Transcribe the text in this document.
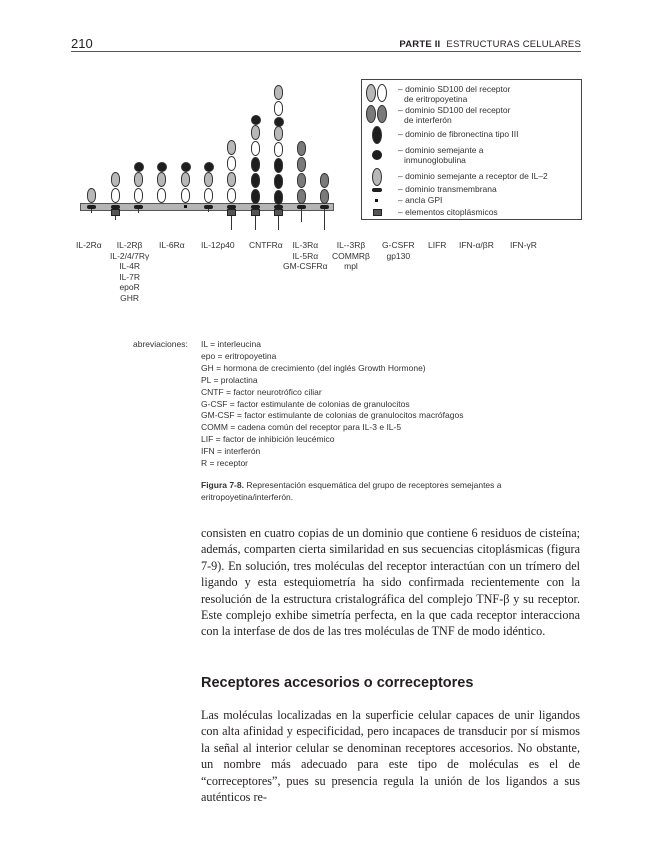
210	PARTE II ESTRUCTURAS CELULARES
– dominio SD100 del receptor
de eritropoyetina
– dominio SD100 del receptor
de interferón
– dominio de fibronectina tipo III
– dominio semejante a
inmunoglobulina
– dominio semejante a receptor de IL–2
– dominio transmembrana
– ancla GPI
– elementos citoplásmicos
IL-2Rα	IL-2Rβ
IL-2/4/7Rγ
IL-4R
IL-7R
epoR
GHR
IL-6Rα IL-12p40 CNTFRα	IL-3Rα
IL-5Rα
GM-CSFRα
IL--3Rβ
COMMRβ
mpl
G-CSFR
gp130
LIFR IFN-α/βR IFN-γR
abreviaciones: IL = interleucina
epo = eritropoyetina
GH = hormona de crecimiento (del inglés Growth Hormone)
PL = prolactina
CNTF = factor neurotrófico ciliar
G-CSF = factor estimulante de colonias de granulocitos
GM-CSF = factor estimulante de colonias de granulocitos macrófagos
COMM = cadena común del receptor para IL-3 e IL-5
LIF = factor de inhibición leucémico
IFN = interferón
R = receptor
Figura 7-8. Representación esquemática del grupo de receptores semejantes a eritropoyetina/interferón.
consisten en cuatro copias de un dominio que contiene 6 residuos de cisteína; además, comparten cierta similaridad en sus secuencias citoplásmicas (figura 7-9). En solución, tres moléculas del receptor interactúan con un trímero del ligando y esta estequiometría ha sido confirmada recientemente con la resolución de la estructura cristalográfica del complejo TNF-β y su receptor. Este complejo exhibe simetría perfecta, en la que cada receptor interacciona con la interfase de dos de las tres moléculas de TNF de modo idéntico.
Receptores accesorios o correceptores
Las moléculas localizadas en la superficie celular capaces de unir ligandos con alta afinidad y especificidad, pero incapaces de transducir por sí mismos la señal al interior celular se denominan receptores accesorios. No obstante, un nombre más adecuado para este tipo de moléculas es el de “correceptores”, pues su presencia regula la unión de los ligandos a sus auténticos re-
